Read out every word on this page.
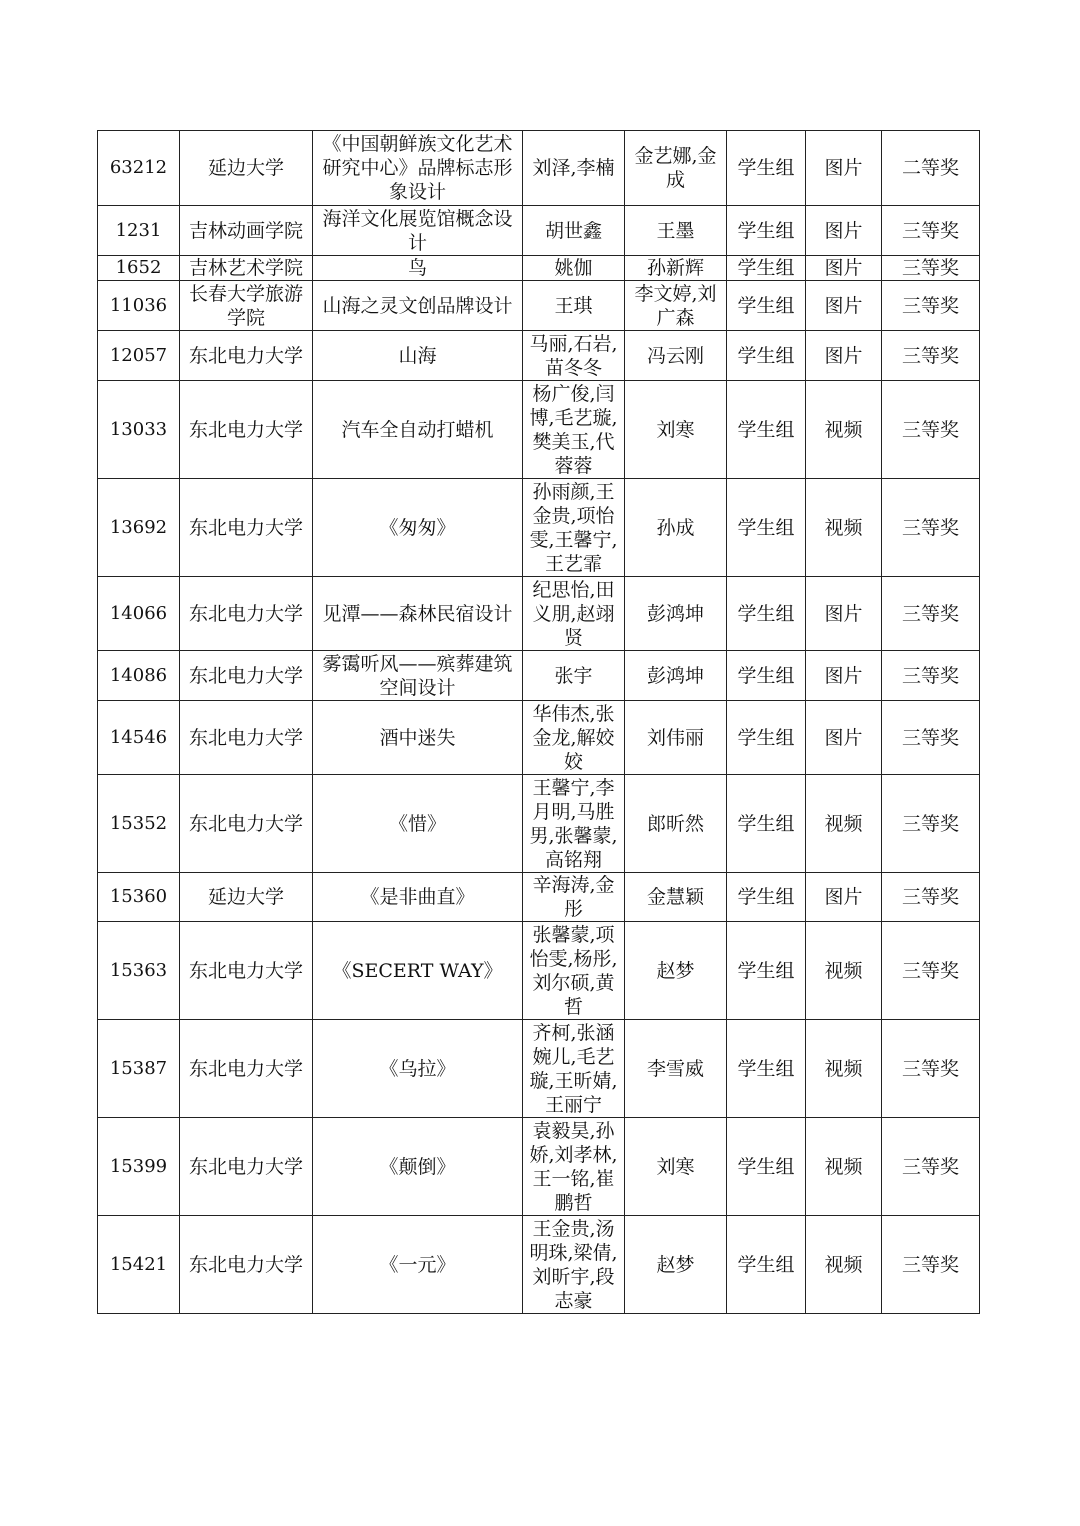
63212	延边大学	《中国朝鲜族文化艺术研究中心》品牌标志形象设计	刘泽,李楠	金艺娜,金成	学生组	图片	二等奖
1231	吉林动画学院	海洋文化展览馆概念设计	胡世鑫	王墨	学生组	图片	三等奖
1652	吉林艺术学院	鸟	姚伽	孙新辉	学生组	图片	三等奖
11036	长春大学旅游学院	山海之灵文创品牌设计	王琪	李文婷,刘广森	学生组	图片	三等奖
12057	东北电力大学	山海	马丽,石岩,苗冬冬	冯云刚	学生组	图片	三等奖
13033	东北电力大学	汽车全自动打蜡机	杨广俊,闫博,毛艺璇,樊美玉,代蓉蓉	刘寒	学生组	视频	三等奖
13692	东北电力大学	《匆匆》	孙雨颜,王金贵,项怡雯,王馨宁,王艺霏	孙成	学生组	视频	三等奖
14066	东北电力大学	见潭——森林民宿设计	纪思怡,田义朋,赵翊贤	彭鸿坤	学生组	图片	三等奖
14086	东北电力大学	雾霭听风——殡葬建筑空间设计	张宇	彭鸿坤	学生组	图片	三等奖
14546	东北电力大学	酒中迷失	华伟杰,张金龙,解姣姣	刘伟丽	学生组	图片	三等奖
15352	东北电力大学	《惜》	王馨宁,李月明,马胜男,张馨蒙,高铭翔	郎昕然	学生组	视频	三等奖
15360	延边大学	《是非曲直》	辛海涛,金彤	金慧颖	学生组	图片	三等奖
15363	东北电力大学	《SECERT WAY》	张馨蒙,项怡雯,杨彤,刘尔硕,黄哲	赵梦	学生组	视频	三等奖
15387	东北电力大学	《乌拉》	齐柯,张涵婉儿,毛艺璇,王昕婧,王丽宁	李雪威	学生组	视频	三等奖
15399	东北电力大学	《颠倒》	袁毅昊,孙娇,刘孝林,王一铭,崔鹏哲	刘寒	学生组	视频	三等奖
15421	东北电力大学	《一元》	王金贵,汤明珠,梁倩,刘昕宇,段志豪	赵梦	学生组	视频	三等奖
